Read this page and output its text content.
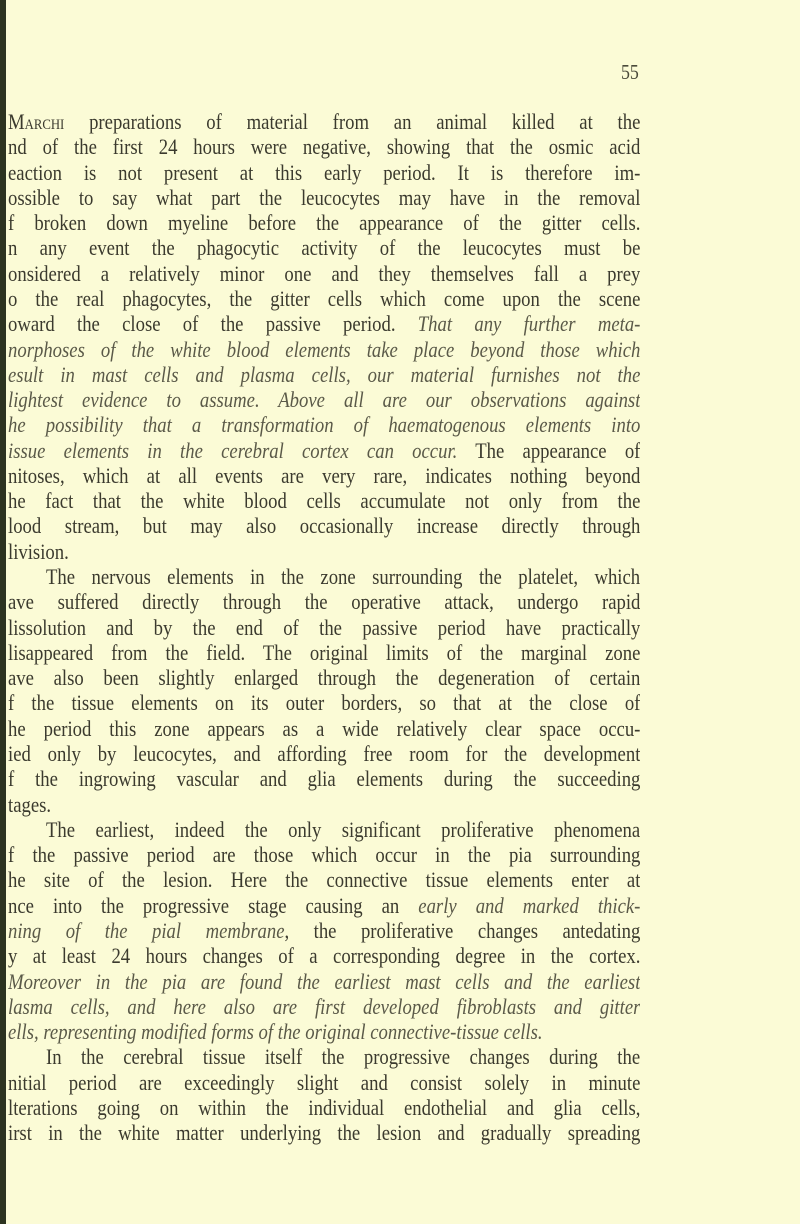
55
Marchi preparations of material from an animal killed at the
nd of the first 24 hours were negative, showing that the osmic acid
eaction is not present at this early period. It is therefore im-
ossible to say what part the leucocytes may have in the removal
f broken down myeline before the appearance of the gitter cells.
n any event the phagocytic activity of the leucocytes must be
onsidered a relatively minor one and they themselves fall a prey
o the real phagocytes, the gitter cells which come upon the scene
oward the close of the passive period. That any further meta-
norphoses of the white blood elements take place beyond those which
esult in mast cells and plasma cells, our material furnishes not the
lightest evidence to assume. Above all are our observations against
he possibility that a transformation of haematogenous elements into
issue elements in the cerebral cortex can occur. The appearance of
nitoses, which at all events are very rare, indicates nothing beyond
he fact that the white blood cells accumulate not only from the
lood stream, but may also occasionally increase directly through
livision.
The nervous elements in the zone surrounding the platelet, which
ave suffered directly through the operative attack, undergo rapid
lissolution and by the end of the passive period have practically
lisappeared from the field. The original limits of the marginal zone
ave also been slightly enlarged through the degeneration of certain
f the tissue elements on its outer borders, so that at the close of
he period this zone appears as a wide relatively clear space occu-
ied only by leucocytes, and affording free room for the development
f the ingrowing vascular and glia elements during the succeeding
tages.
The earliest, indeed the only significant proliferative phenomena
f the passive period are those which occur in the pia surrounding
he site of the lesion. Here the connective tissue elements enter at
nce into the progressive stage causing an early and marked thick-
ning of the pial membrane, the proliferative changes antedating
y at least 24 hours changes of a corresponding degree in the cortex.
Moreover in the pia are found the earliest mast cells and the earliest
lasma cells, and here also are first developed fibroblasts and gitter
ells, representing modified forms of the original connective-tissue cells.
In the cerebral tissue itself the progressive changes during the
nitial period are exceedingly slight and consist solely in minute
lterations going on within the individual endothelial and glia cells,
irst in the white matter underlying the lesion and gradually spreading
